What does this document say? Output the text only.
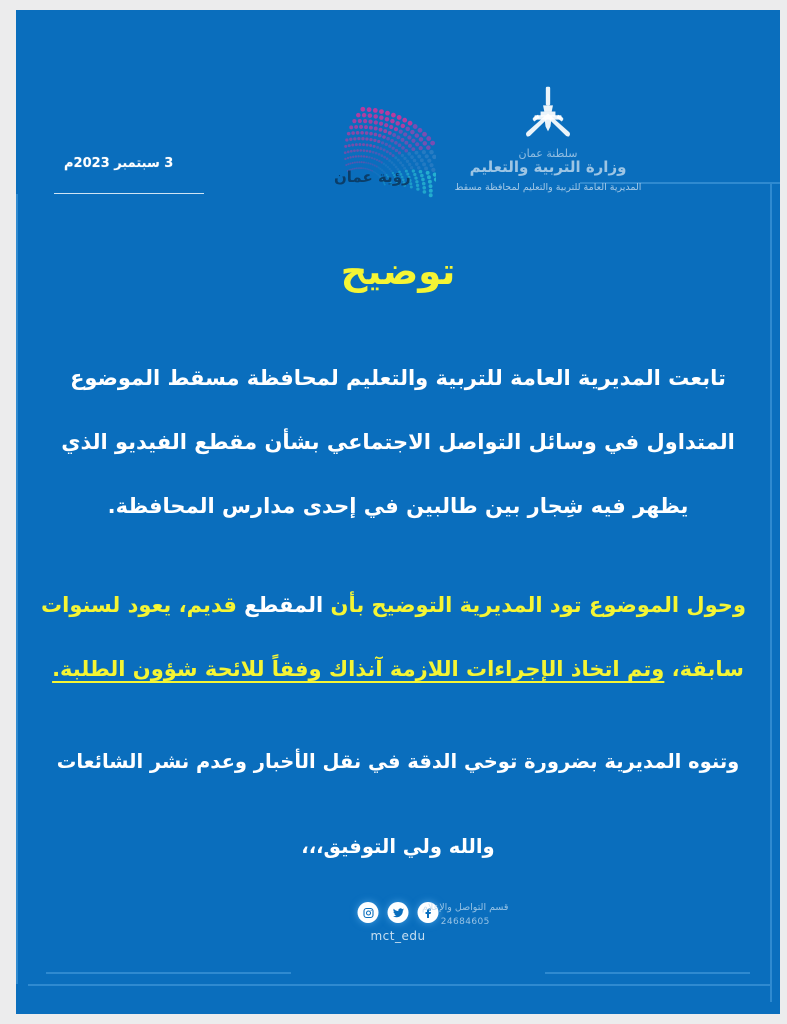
3 سبتمبر 2023م
رؤية عمان
سلطنة عمان
وزارة التربية والتعليم
المديرية العامة للتربية والتعليم لمحافظة مسقط
توضيح
تابعت المديرية العامة للتربية والتعليم لمحافظة مسقط الموضوع
المتداول في وسائل التواصل الاجتماعي بشأن مقطع الفيديو الذي
يظهر فيه شِجار بين طالبين في إحدى مدارس المحافظة.
وحول الموضوع تود المديرية التوضيح بأن المقطع قديم، يعود لسنوات
سابقة، وتم اتخاذ الإجراءات اللازمة آنذاك وفقاً للائحة شؤون الطلبة.
وتنوه المديرية بضرورة توخي الدقة في نقل الأخبار وعدم نشر الشائعات
والله ولي التوفيق،،،
mct_edu
قسم التواصل والإعلام
24684605
